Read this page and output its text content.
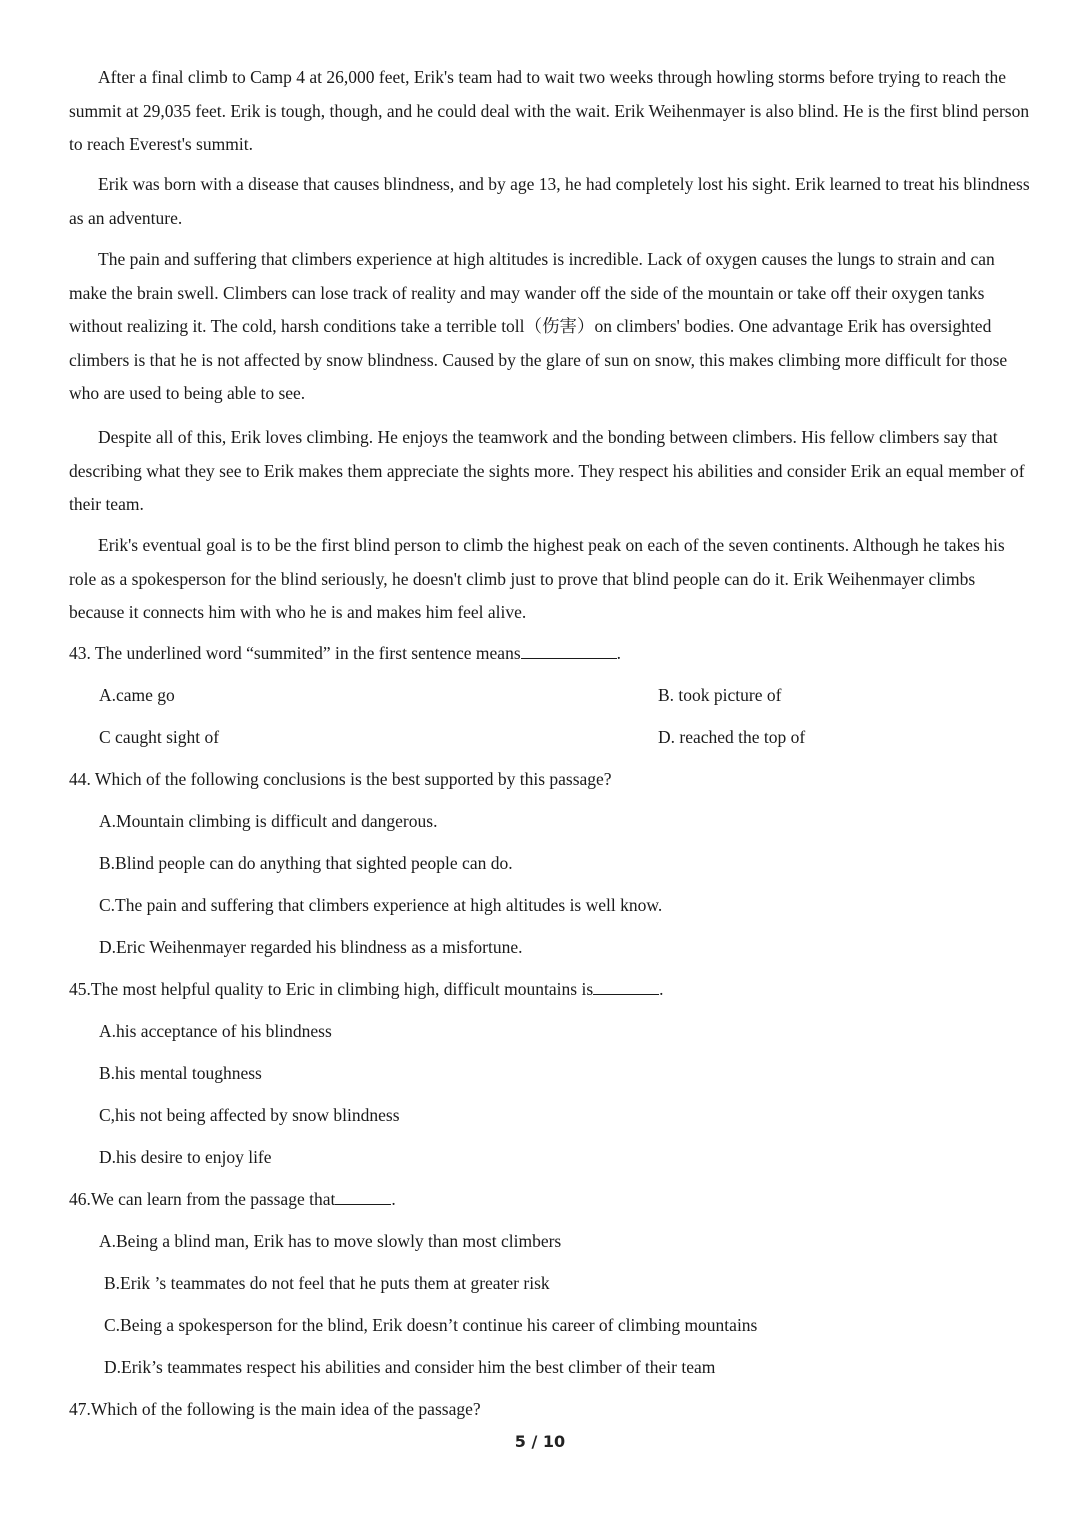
After a final climb to Camp 4 at 26,000 feet, Erik's team had to wait two weeks through howling storms before trying to reach the summit at 29,035 feet. Erik is tough, though, and he could deal with the wait. Erik Weihenmayer is also blind. He is the first blind person to reach Everest's summit.

Erik was born with a disease that causes blindness, and by age 13, he had completely lost his sight. Erik learned to treat his blindness as an adventure.

The pain and suffering that climbers experience at high altitudes is incredible. Lack of oxygen causes the lungs to strain and can make the brain swell. Climbers can lose track of reality and may wander off the side of the mountain or take off their oxygen tanks without realizing it. The cold, harsh conditions take a terrible toll（伤害）on climbers' bodies. One advantage Erik has oversighted climbers is that he is not affected by snow blindness. Caused by the glare of sun on snow, this makes climbing more difficult for those who are used to being able to see.

Despite all of this, Erik loves climbing. He enjoys the teamwork and the bonding between climbers. His fellow climbers say that describing what they see to Erik makes them appreciate the sights more. They respect his abilities and consider Erik an equal member of their team.

Erik's eventual goal is to be the first blind person to climb the highest peak on each of the seven continents. Although he takes his role as a spokesperson for the blind seriously, he doesn't climb just to prove that blind people can do it. Erik Weihenmayer climbs because it connects him with who he is and makes him feel alive.

43. The underlined word “summited” in the first sentence means	.
A.came go	B. took picture of
C caught sight of	D. reached the top of
44. Which of the following conclusions is the best supported by this passage?
A.Mountain climbing is difficult and dangerous.
B.Blind people can do anything that sighted people can do.
C.The pain and suffering that climbers experience at high altitudes is well know.
D.Eric Weihenmayer regarded his blindness as a misfortune.
45.The most helpful quality to Eric in climbing high, difficult mountains is	.
A.his acceptance of his blindness
B.his mental toughness
C,his not being affected by snow blindness
D.his desire to enjoy life
46.We can learn from the passage that	.
A.Being a blind man, Erik has to move slowly than most climbers
B.Erik ’s teammates do not feel that he puts them at greater risk
C.Being a spokesperson for the blind, Erik doesn’t continue his career of climbing mountains
D.Erik’s teammates respect his abilities and consider him the best climber of their team
47.Which of the following is the main idea of the passage?
5 / 10
